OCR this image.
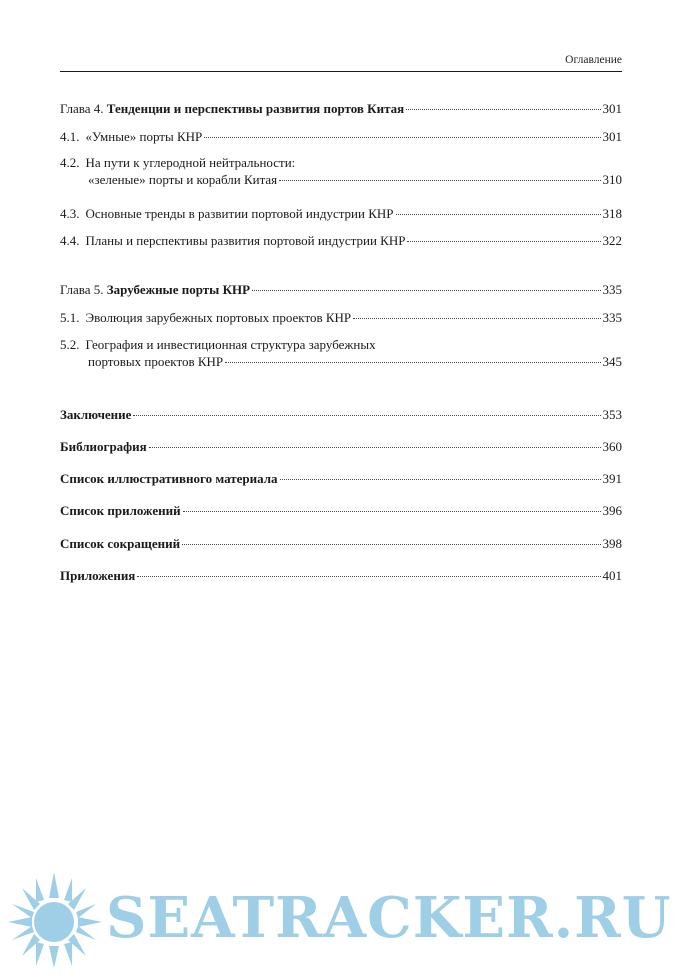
Оглавление
Глава 4. Тенденции и перспективы развития портов Китая	301
4.1. «Умные» порты КНР	301
4.2. На пути к углеродной нейтральности:
«зеленые» порты и корабли Китая	310
4.3. Основные тренды в развитии портовой индустрии КНР	318
4.4. Планы и перспективы развития портовой индустрии КНР	322
Глава 5. Зарубежные порты КНР	335
5.1. Эволюция зарубежных портовых проектов КНР	335
5.2. География и инвестиционная структура зарубежных
портовых проектов КНР	345
Заключение	353
Библиография	360
Список иллюстративного материала	391
Список приложений	396
Список сокращений	398
Приложения	401
SEATRACKER.RU
